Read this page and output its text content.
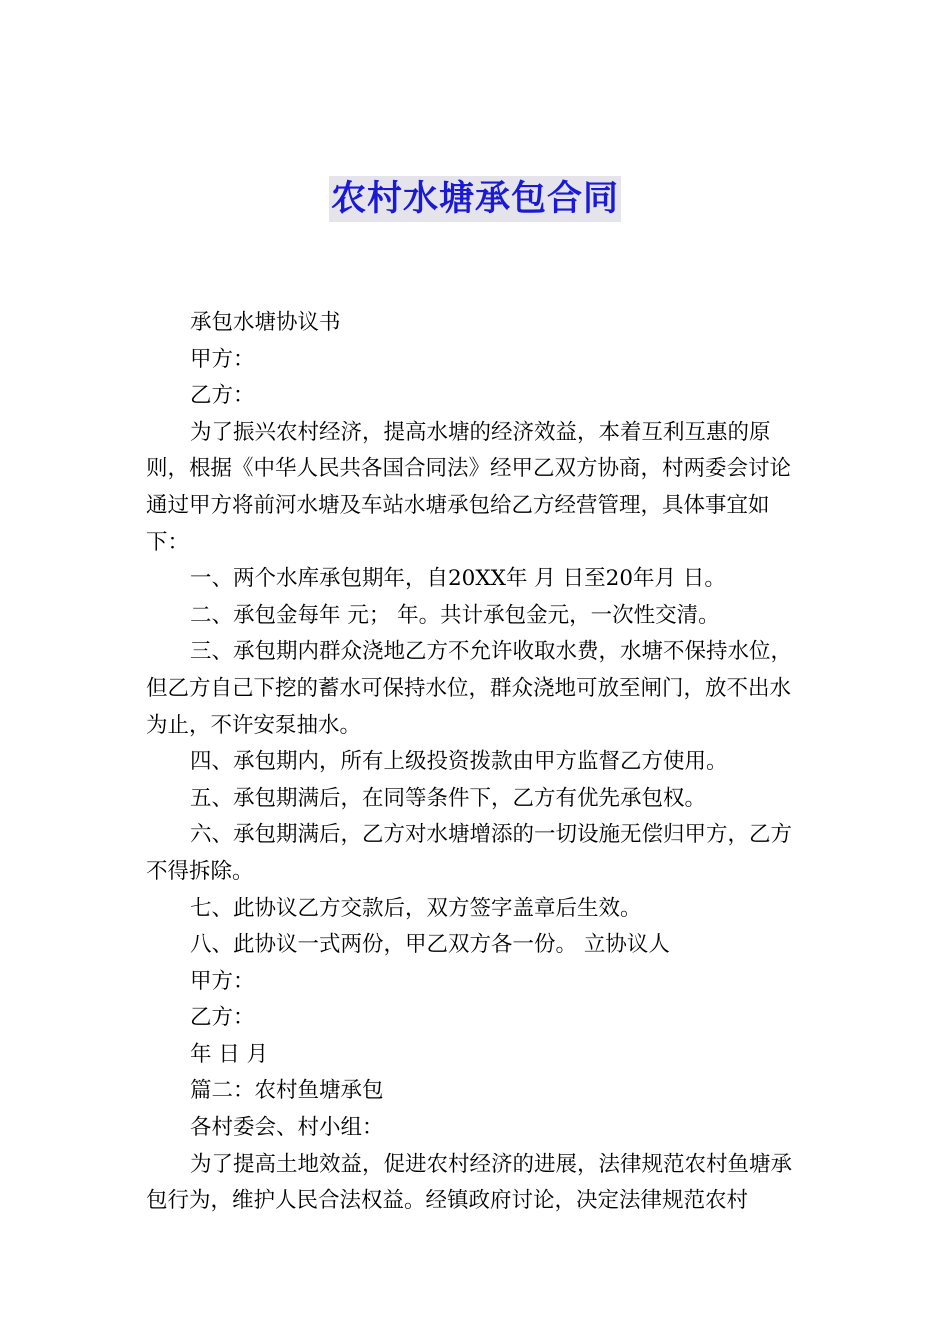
农村水塘承包合同

承包水塘协议书

甲方：

乙方：

为了振兴农村经济，提高水塘的经济效益，本着互利互惠的原则，根据《中华人民共各国合同法》经甲乙双方协商，村两委会讨论通过甲方将前河水塘及车站水塘承包给乙方经营管理，具体事宜如下：

一、两个水库承包期年，自20XX年 月 日至20年月 日。

二、承包金每年 元； 年。共计承包金元，一次性交清。

三、承包期内群众浇地乙方不允许收取水费，水塘不保持水位，但乙方自己下挖的蓄水可保持水位，群众浇地可放至闸门，放不出水为止，不许安泵抽水。

四、承包期内，所有上级投资拨款由甲方监督乙方使用。

五、承包期满后，在同等条件下，乙方有优先承包权。

六、承包期满后，乙方对水塘增添的一切设施无偿归甲方，乙方不得拆除。

七、此协议乙方交款后，双方签字盖章后生效。

八、此协议一式两份，甲乙双方各一份。 立协议人

甲方：

乙方：

年 日 月

篇二：农村鱼塘承包

各村委会、村小组：

为了提高土地效益，促进农村经济的进展，法律规范农村鱼塘承包行为，维护人民合法权益。经镇政府讨论，决定法律规范农村
